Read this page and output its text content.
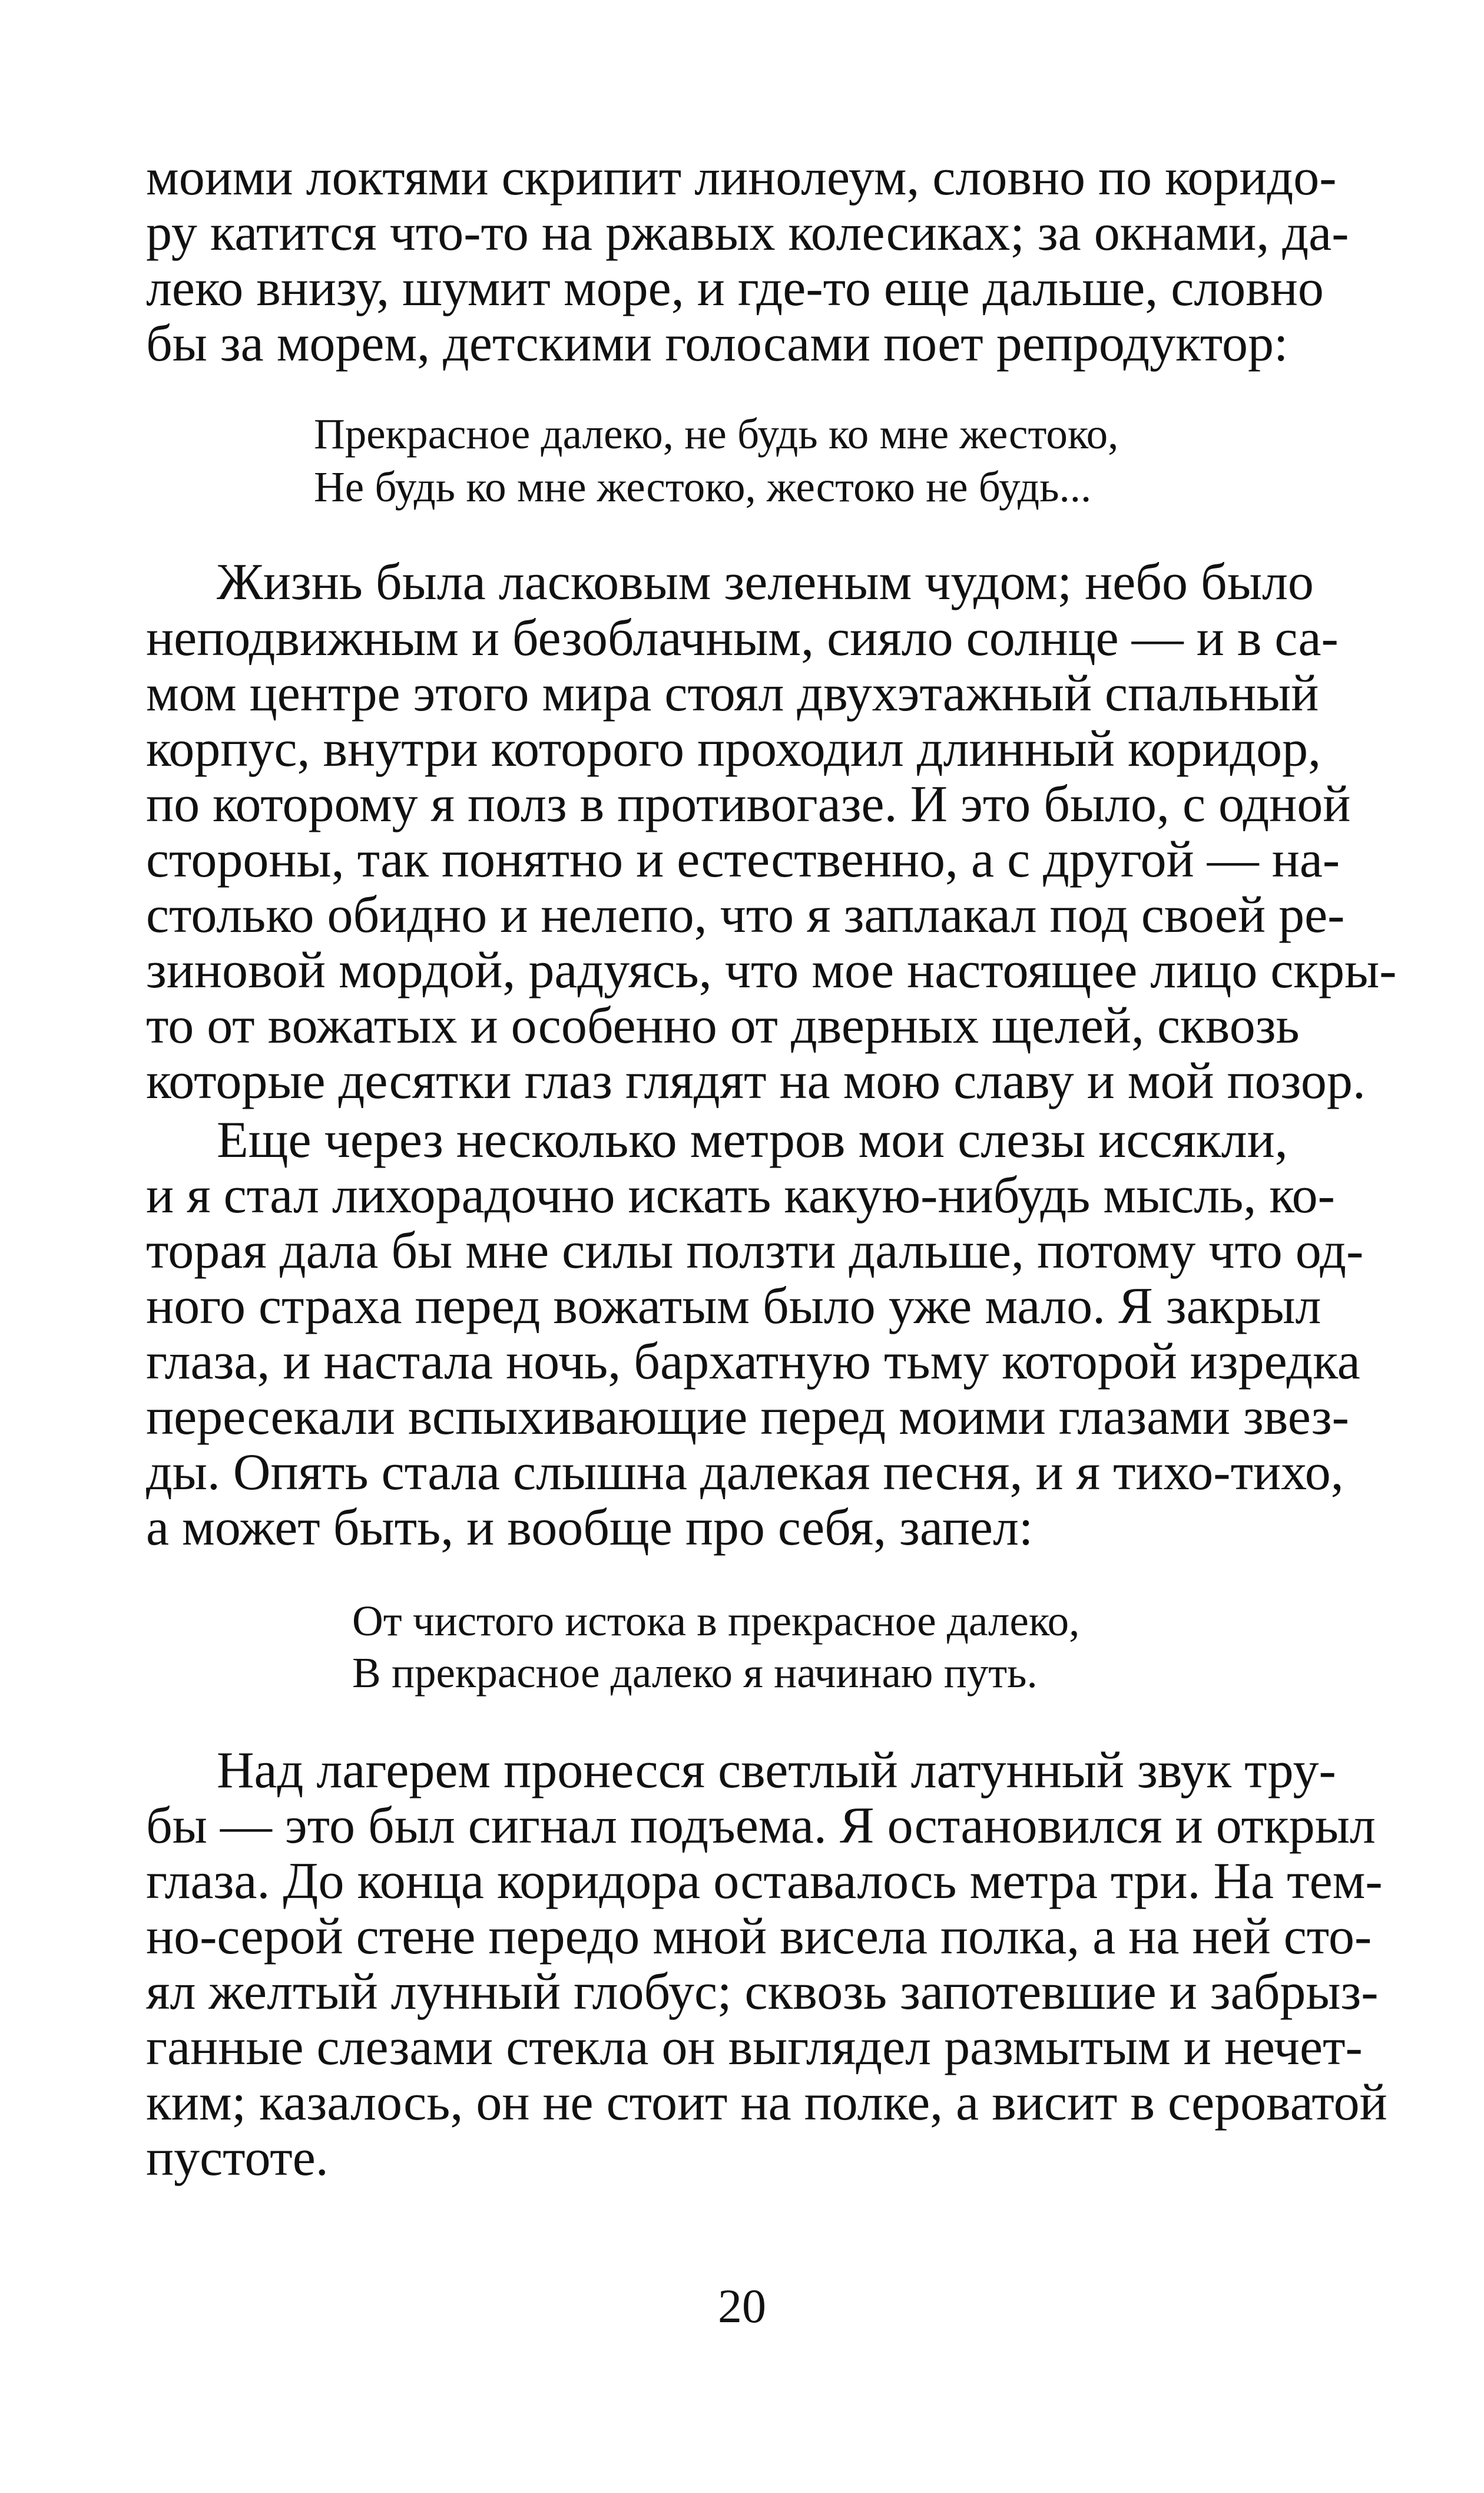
моими локтями скрипит линолеум, словно по коридо-
ру катится что-то на ржавых колесиках; за окнами, да-
леко внизу, шумит море, и где-то еще дальше, словно
бы за морем, детскими голосами поет репродуктор:
Прекрасное далеко, не будь ко мне жестоко,
Не будь ко мне жестоко, жестоко не будь...
Жизнь была ласковым зеленым чудом; небо было
неподвижным и безоблачным, сияло солнце — и в са-
мом центре этого мира стоял двухэтажный спальный
корпус, внутри которого проходил длинный коридор,
по которому я полз в противогазе. И это было, с одной
стороны, так понятно и естественно, а с другой — на-
столько обидно и нелепо, что я заплакал под своей ре-
зиновой мордой, радуясь, что мое настоящее лицо скры-
то от вожатых и особенно от дверных щелей, сквозь
которые десятки глаз глядят на мою славу и мой позор.
Еще через несколько метров мои слезы иссякли,
и я стал лихорадочно искать какую-нибудь мысль, ко-
торая дала бы мне силы ползти дальше, потому что од-
ного страха перед вожатым было уже мало. Я закрыл
глаза, и настала ночь, бархатную тьму которой изредка
пересекали вспыхивающие перед моими глазами звез-
ды. Опять стала слышна далекая песня, и я тихо-тихо,
а может быть, и вообще про себя, запел:
От чистого истока в прекрасное далеко,
В прекрасное далеко я начинаю путь.
Над лагерем пронесся светлый латунный звук тру-
бы — это был сигнал подъема. Я остановился и открыл
глаза. До конца коридора оставалось метра три. На тем-
но-серой стене передо мной висела полка, а на ней сто-
ял желтый лунный глобус; сквозь запотевшие и забрыз-
ганные слезами стекла он выглядел размытым и нечет-
ким; казалось, он не стоит на полке, а висит в сероватой
пустоте.
20
